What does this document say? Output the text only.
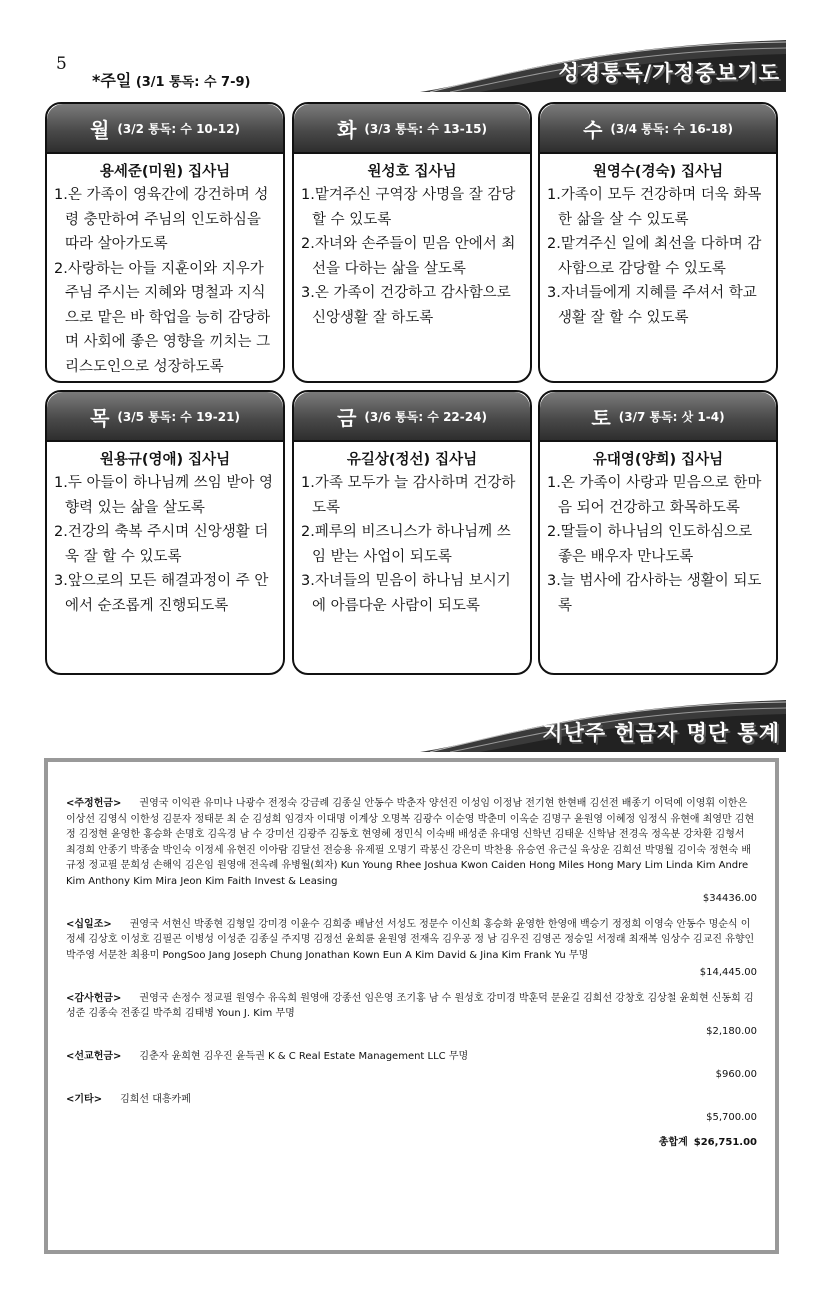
5
*주일 (3/1 통독: 수 7-9)	성경통독/가정중보기도
월 (3/2 통독: 수 10-12)
용세준(미원) 집사님
1.온 가족이 영육간에 강건하며 성령 충만하여 주님의 인도하심을 따라 살아가도록
2.사랑하는 아들 지훈이와 지우가 주님 주시는 지혜와 명철과 지식으로 맡은 바 학업을 능히 감당하며 사회에 좋은 영향을 끼치는 그리스도인으로 성장하도록
화 (3/3 통독: 수 13-15)
원성호 집사님
1.맡겨주신 구역장 사명을 잘 감당할 수 있도록
2.자녀와 손주들이 믿음 안에서 최선을 다하는 삶을 살도록
3.온 가족이 건강하고 감사함으로 신앙생활 잘 하도록
수 (3/4 통독: 수 16-18)
원영수(경숙) 집사님
1.가족이 모두 건강하며 더욱 화목한 삶을 살 수 있도록
2.맡겨주신 일에 최선을 다하며 감사함으로 감당할 수 있도록
3.자녀들에게 지혜를 주셔서 학교생활 잘 할 수 있도록
목 (3/5 통독: 수 19-21)
원용규(영애) 집사님
1.두 아들이 하나님께 쓰임 받아 영향력 있는 삶을 살도록
2.건강의 축복 주시며 신앙생활 더욱 잘 할 수 있도록
3.앞으로의 모든 해결과정이 주 안에서 순조롭게 진행되도록
금 (3/6 통독: 수 22-24)
유길상(정선) 집사님
1.가족 모두가 늘 감사하며 건강하도록
2.페루의 비즈니스가 하나님께 쓰임 받는 사업이 되도록
3.자녀들의 믿음이 하나님 보시기에 아름다운 사람이 되도록
토 (3/7 통독: 삿 1-4)
유대영(양희) 집사님
1.온 가족이 사랑과 믿음으로 한마음 되어 건강하고 화목하도록
2.딸들이 하나님의 인도하심으로 좋은 배우자 만나도록
3.늘 범사에 감사하는 생활이 되도록
지난주 헌금자 명단 통계
<주정헌금> 권영국 이익관 유미나 나광수 전정숙 강금례 김종실 안동수 박춘자 양선진 이성임 이정남 전기현 한현배 김선전 배종기 이덕예 이영휘 이한은 이상선 김영식 이한성 김문자 정태문 최 순 김성희 임경자 이대명 이계상 오명복 김광수 이순영 박춘미 이옥순 김명구 윤원영 이혜정 임정식 유현애 최영만 김현정 김정현 윤영한 홍승화 손명호 김옥경 남 수 강미선 김광주 김동호 현영혜 정민식 이숙배 배성준 유대영 신학년 김태운 신학남 전경옥 정옥분 강차환 김형서 최경희 안종기 박종술 박인숙 이정세 유현진 이아람 김달선 전승용 유제필 오명기 곽봉신 강은미 박찬용 유승연 유근실 육상운 김희선 박명월 김이숙 정현숙 배규정 정교필 문희성 손해익 김은임 원영애 전옥례 유병월(회자) Kun Young Rhee Joshua Kwon Caiden Hong Miles Hong Mary Lim Linda Kim Andre Kim Anthony Kim Mira Jeon Kim Faith Invest & Leasing
$34436.00
<십일조> 권영국 서현신 박종현 김형일 강미경 이윤수 김희중 배남선 서성도 정문수 이신희 홍승화 윤영한 한영애 백승기 정정희 이영숙 안동수 명순식 이정세 김상호 이성호 김필곤 이병성 이성준 김종실 주지명 김정선 윤희륜 윤원영 전재옥 김우공 정 남 김우진 김영곤 정승일 서정래 최재복 임상수 김교진 유향인 박주영 서문찬 최용미 PongSoo Jang Joseph Chung Jonathan Kown Eun A Kim David & Jina Kim Frank Yu 무명
$14,445.00
<감사헌금> 권영국 손정수 정교필 원영수 유옥희 원영애 강종선 임은영 조기홍 남 수 원성호 강미경 박훈덕 문윤길 김희선 강창호 김상철 윤희현 신동희 김성준 김종숙 전종길 박주희 김태병 Youn J. Kim 무명
$2,180.00
<선교헌금> 김춘자 윤희현 김우진 윤득권 K & C Real Estate Management LLC 무명
$960.00
<기타> 김희선 대흥카페
$5,700.00
총합계 $26,751.00
